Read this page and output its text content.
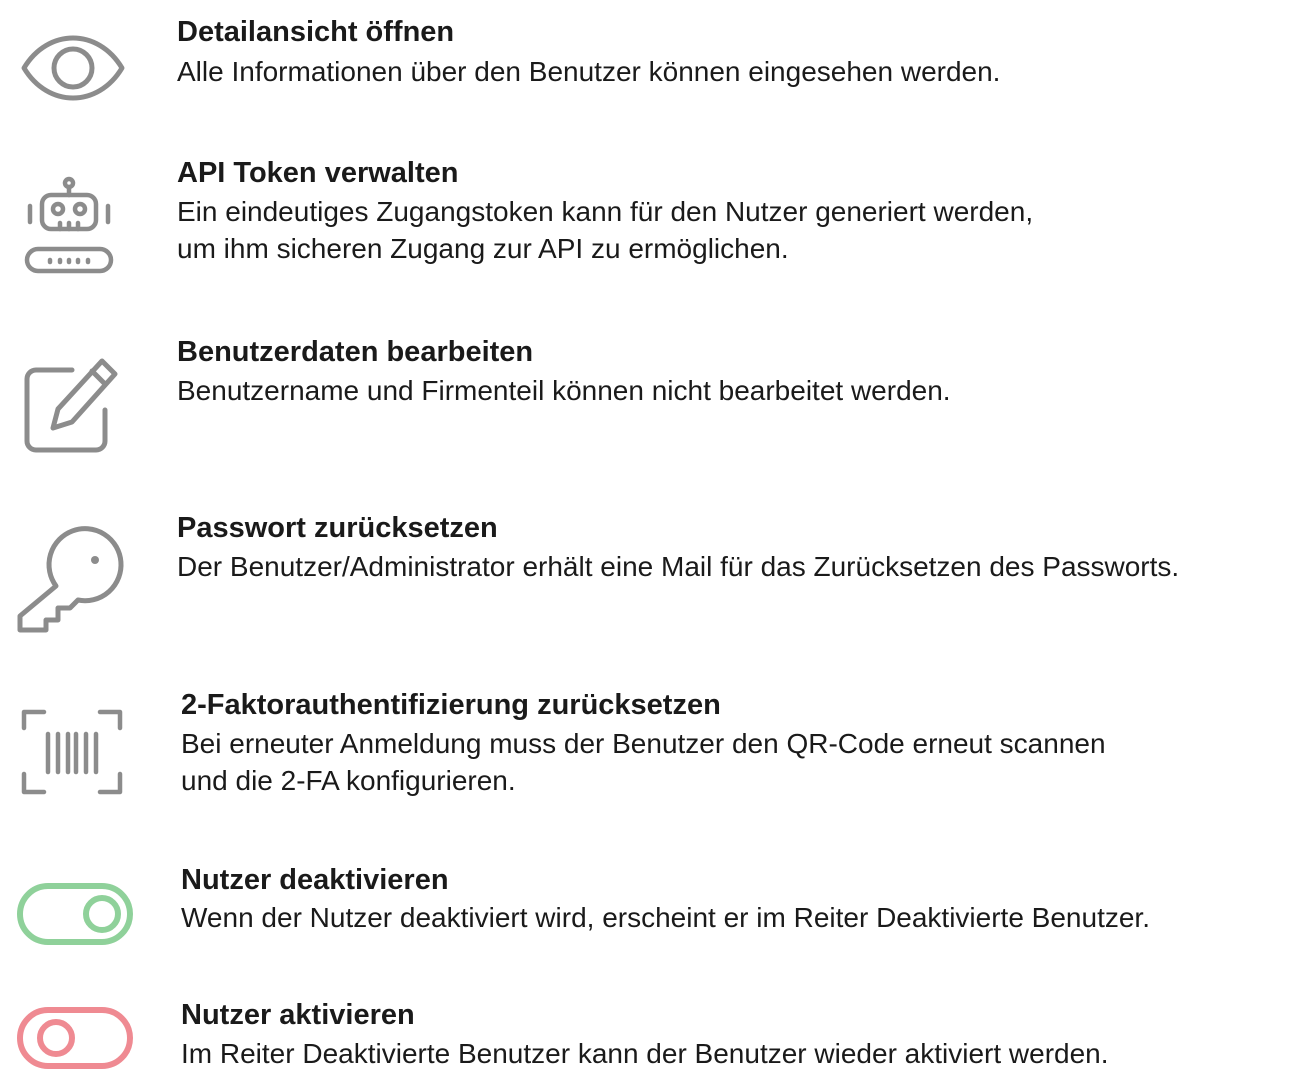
Detailansicht öffnen
Alle Informationen über den Benutzer können eingesehen werden.
API Token verwalten
Ein eindeutiges Zugangstoken kann für den Nutzer generiert werden,
um ihm sicheren Zugang zur API zu ermöglichen.
Benutzerdaten bearbeiten
Benutzername und Firmenteil können nicht bearbeitet werden.
Passwort zurücksetzen
Der Benutzer/Administrator erhält eine Mail für das Zurücksetzen des Passworts.
2-Faktorauthentifizierung zurücksetzen
Bei erneuter Anmeldung muss der Benutzer den QR-Code erneut scannen
und die 2-FA konfigurieren.
Nutzer deaktivieren
Wenn der Nutzer deaktiviert wird, erscheint er im Reiter Deaktivierte Benutzer.
Nutzer aktivieren
Im Reiter Deaktivierte Benutzer kann der Benutzer wieder aktiviert werden.
